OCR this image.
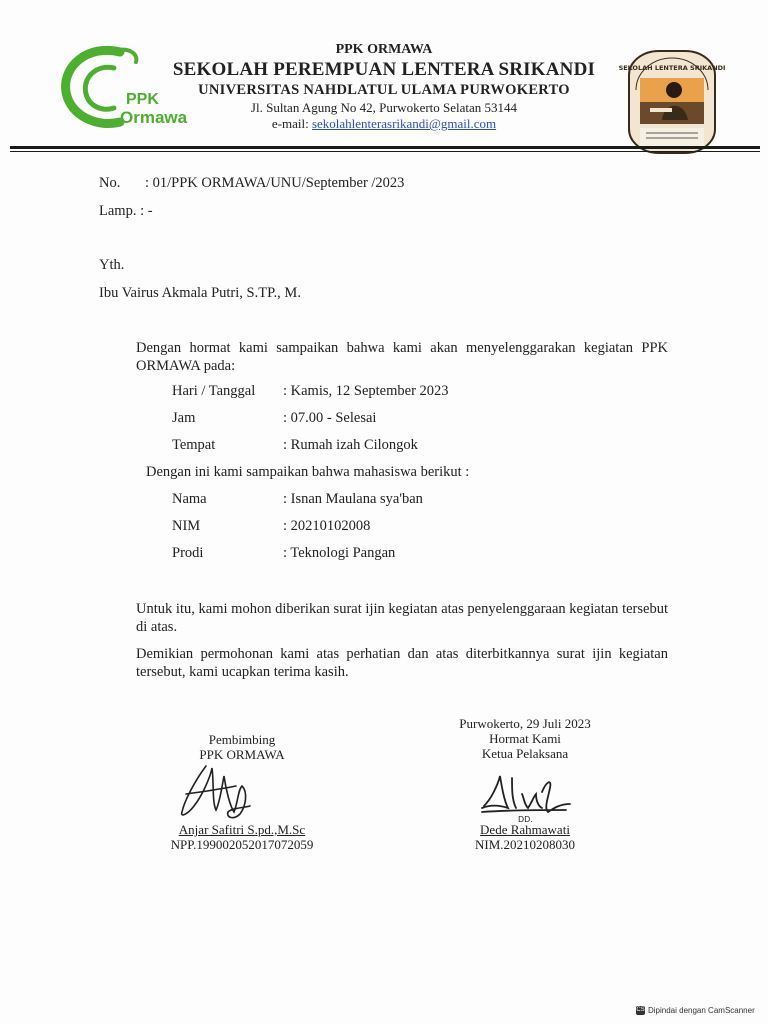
PPK
Ormawa
PPK ORMAWA
SEKOLAH PEREMPUAN LENTERA SRIKANDI
UNIVERSITAS NAHDLATUL ULAMA PURWOKERTO
Jl. Sultan Agung No 42, Purwokerto Selatan 53144
e-mail: sekolahlenterasrikandi@gmail.com
SEKOLAH LENTERA SRIKANDI
No. : 01/PPK ORMAWA/UNU/September /2023
Lamp. : -
Yth.
Ibu Vairus Akmala Putri, S.TP., M.
Dengan hormat kami sampaikan bahwa kami akan menyelenggarakan kegiatan PPK ORMAWA pada:
Hari / Tanggal : Kamis, 12 September 2023
Jam	: 07.00 - Selesai
Tempat	: Rumah izah Cilongok
Dengan ini kami sampaikan bahwa mahasiswa berikut :
Nama	: Isnan Maulana sya'ban
NIM	: 20210102008
Prodi	: Teknologi Pangan
Untuk itu, kami mohon diberikan surat ijin kegiatan atas penyelenggaraan kegiatan tersebut di atas.
Demikian permohonan kami atas perhatian dan atas diterbitkannya surat ijin kegiatan tersebut, kami ucapkan terima kasih.
Pembimbing
PPK ORMAWA
Anjar Safitri S.pd.,M.Sc
NPP.199002052017072059
Purwokerto, 29 Juli 2023
Hormat Kami
Ketua Pelaksana
DD.
Dede Rahmawati
NIM.20210208030
CS Dipindai dengan CamScanner
